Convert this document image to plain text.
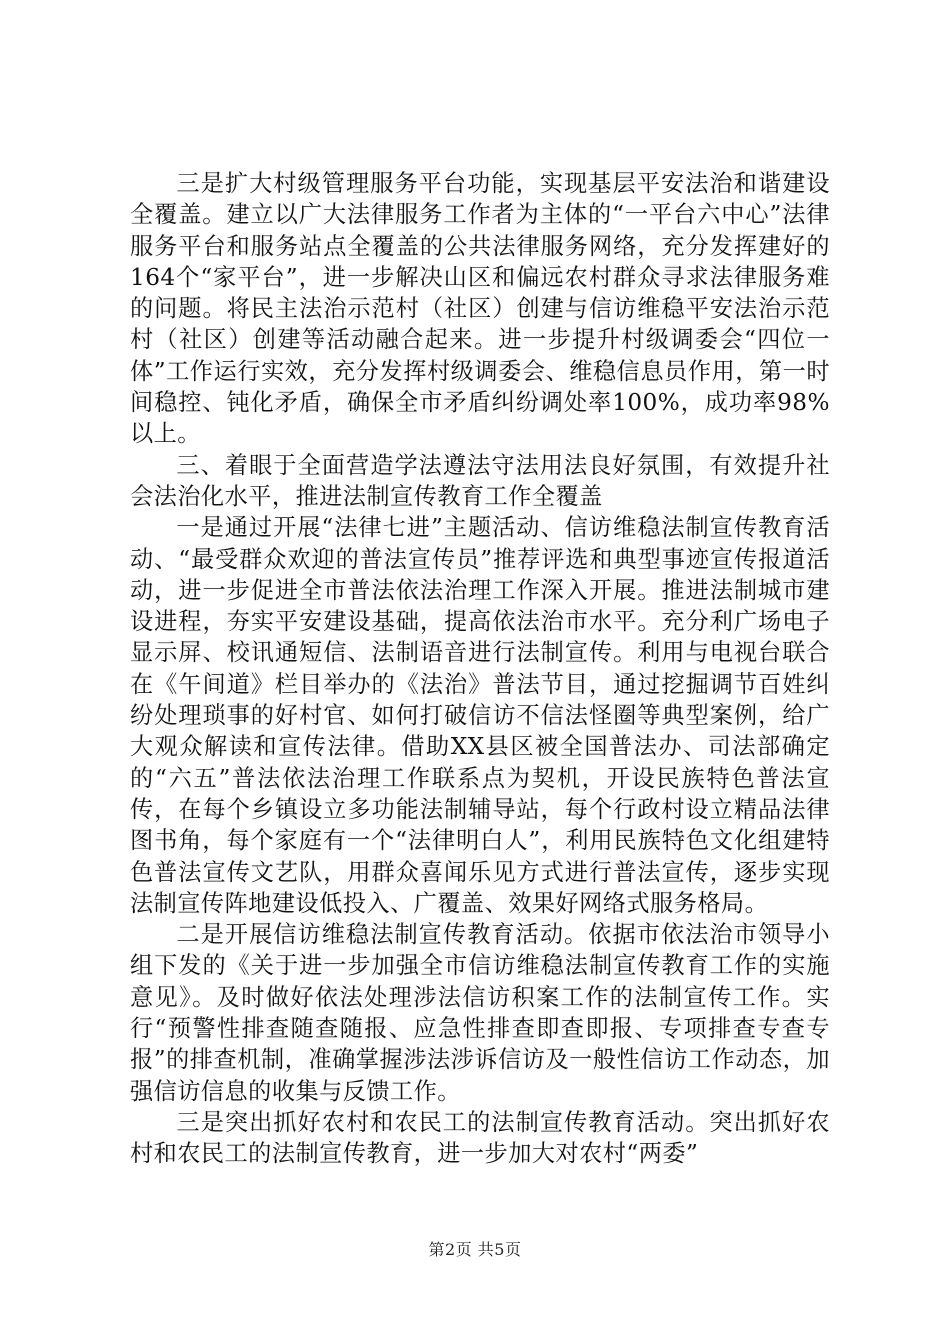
三是扩大村级管理服务平台功能，实现基层平安法治和谐建设全覆盖。建立以广大法律服务工作者为主体的“一平台六中心”法律服务平台和服务站点全覆盖的公共法律服务网络，充分发挥建好的164个“家平台”，进一步解决山区和偏远农村群众寻求法律服务难的问题。将民主法治示范村（社区）创建与信访维稳平安法治示范村（社区）创建等活动融合起来。进一步提升村级调委会“四位一体”工作运行实效，充分发挥村级调委会、维稳信息员作用，第一时间稳控、钝化矛盾，确保全市矛盾纠纷调处率100%，成功率98%以上。

三、着眼于全面营造学法遵法守法用法良好氛围，有效提升社会法治化水平，推进法制宣传教育工作全覆盖

一是通过开展“法律七进”主题活动、信访维稳法制宣传教育活动、“最受群众欢迎的普法宣传员”推荐评选和典型事迹宣传报道活动，进一步促进全市普法依法治理工作深入开展。推进法制城市建设进程，夯实平安建设基础，提高依法治市水平。充分利广场电子显示屏、校讯通短信、法制语音进行法制宣传。利用与电视台联合在《午间道》栏目举办的《法治》普法节目，通过挖掘调节百姓纠纷处理琐事的好村官、如何打破信访不信法怪圈等典型案例，给广大观众解读和宣传法律。借助XX县区被全国普法办、司法部确定的“六五”普法依法治理工作联系点为契机，开设民族特色普法宣传，在每个乡镇设立多功能法制辅导站，每个行政村设立精品法律图书角，每个家庭有一个“法律明白人”，利用民族特色文化组建特色普法宣传文艺队，用群众喜闻乐见方式进行普法宣传，逐步实现法制宣传阵地建设低投入、广覆盖、效果好网络式服务格局。

二是开展信访维稳法制宣传教育活动。依据市依法治市领导小组下发的《关于进一步加强全市信访维稳法制宣传教育工作的实施意见》。及时做好依法处理涉法信访积案工作的法制宣传工作。实行“预警性排查随查随报、应急性排查即查即报、专项排查专查专报”的排查机制，准确掌握涉法涉诉信访及一般性信访工作动态，加强信访信息的收集与反馈工作。

三是突出抓好农村和农民工的法制宣传教育活动。突出抓好农村和农民工的法制宣传教育，进一步加大对农村“两委”

第2页 共5页
